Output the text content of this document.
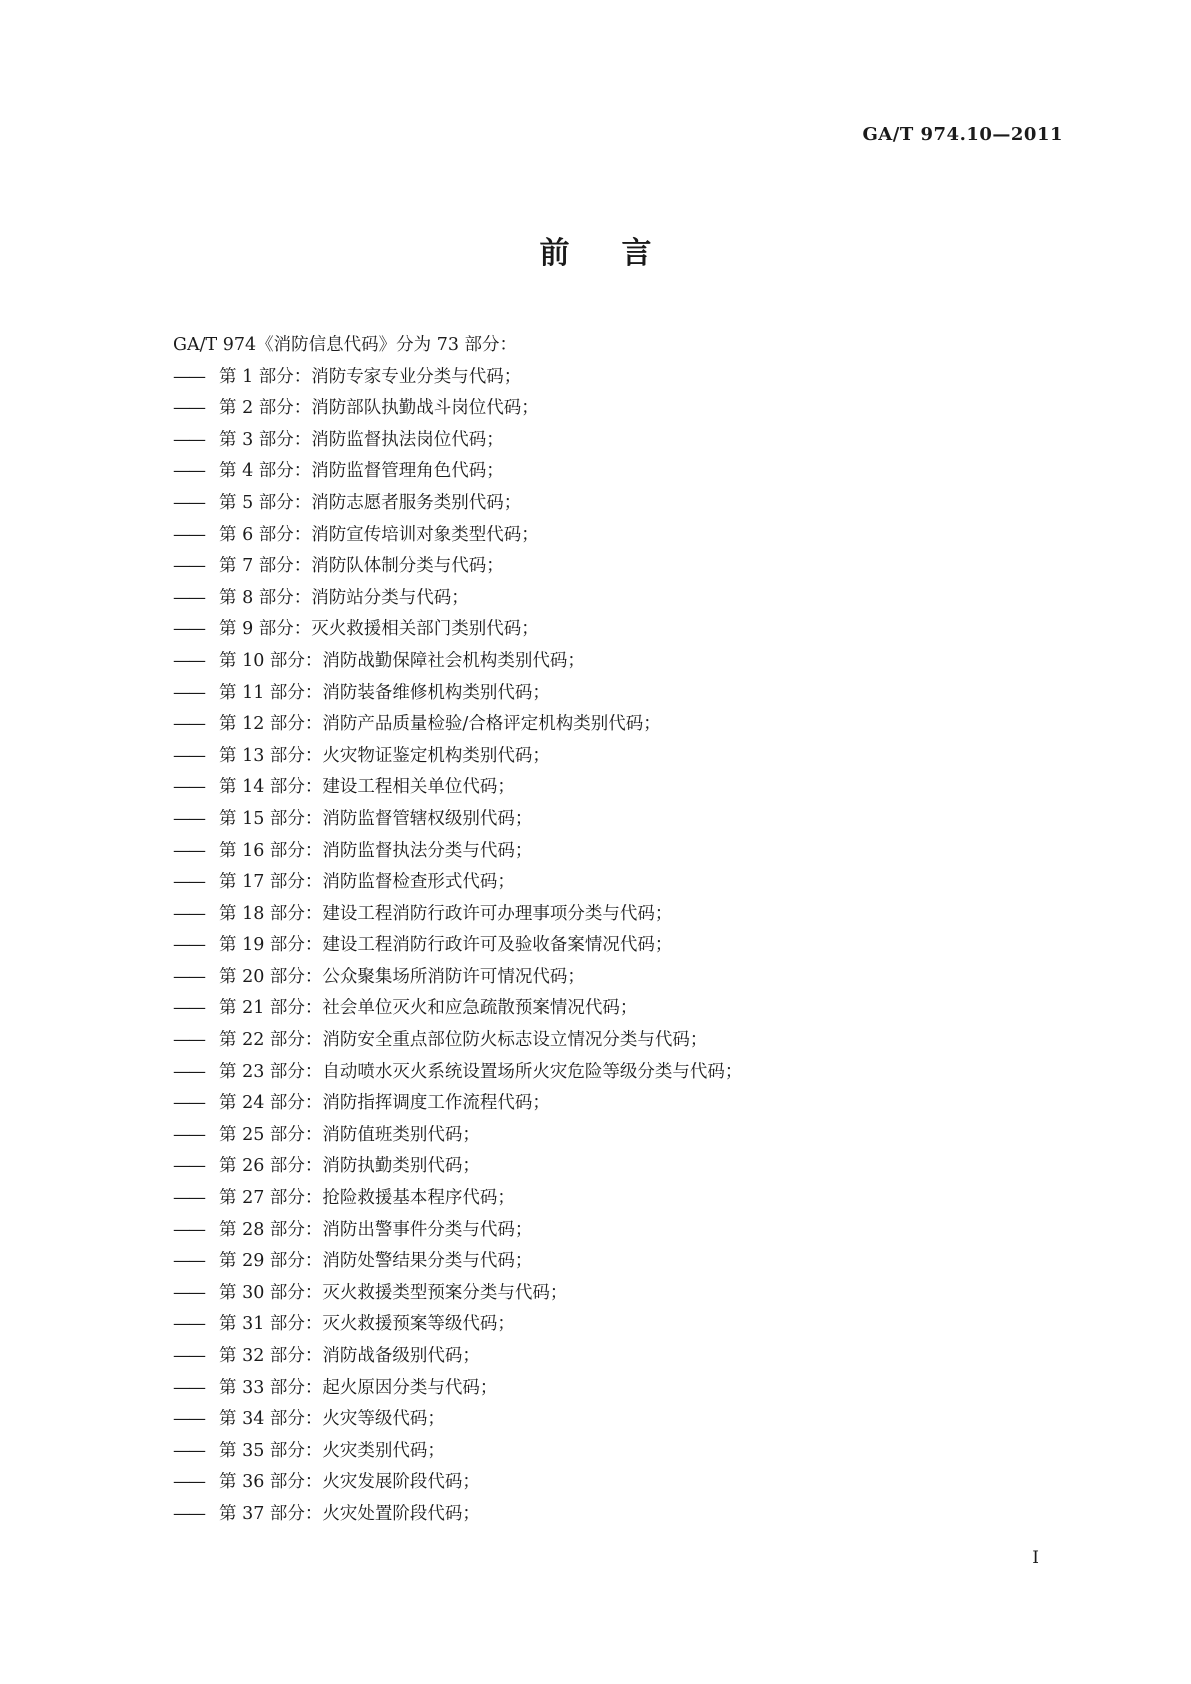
GA/T 974.10—2011
前言
GA/T 974《消防信息代码》分为 73 部分：
—— 第 1 部分：消防专家专业分类与代码；
—— 第 2 部分：消防部队执勤战斗岗位代码；
—— 第 3 部分：消防监督执法岗位代码；
—— 第 4 部分：消防监督管理角色代码；
—— 第 5 部分：消防志愿者服务类别代码；
—— 第 6 部分：消防宣传培训对象类型代码；
—— 第 7 部分：消防队体制分类与代码；
—— 第 8 部分：消防站分类与代码；
—— 第 9 部分：灭火救援相关部门类别代码；
—— 第 10 部分：消防战勤保障社会机构类别代码；
—— 第 11 部分：消防装备维修机构类别代码；
—— 第 12 部分：消防产品质量检验/合格评定机构类别代码；
—— 第 13 部分：火灾物证鉴定机构类别代码；
—— 第 14 部分：建设工程相关单位代码；
—— 第 15 部分：消防监督管辖权级别代码；
—— 第 16 部分：消防监督执法分类与代码；
—— 第 17 部分：消防监督检查形式代码；
—— 第 18 部分：建设工程消防行政许可办理事项分类与代码；
—— 第 19 部分：建设工程消防行政许可及验收备案情况代码；
—— 第 20 部分：公众聚集场所消防许可情况代码；
—— 第 21 部分：社会单位灭火和应急疏散预案情况代码；
—— 第 22 部分：消防安全重点部位防火标志设立情况分类与代码；
—— 第 23 部分：自动喷水灭火系统设置场所火灾危险等级分类与代码；
—— 第 24 部分：消防指挥调度工作流程代码；
—— 第 25 部分：消防值班类别代码；
—— 第 26 部分：消防执勤类别代码；
—— 第 27 部分：抢险救援基本程序代码；
—— 第 28 部分：消防出警事件分类与代码；
—— 第 29 部分：消防处警结果分类与代码；
—— 第 30 部分：灭火救援类型预案分类与代码；
—— 第 31 部分：灭火救援预案等级代码；
—— 第 32 部分：消防战备级别代码；
—— 第 33 部分：起火原因分类与代码；
—— 第 34 部分：火灾等级代码；
—— 第 35 部分：火灾类别代码；
—— 第 36 部分：火灾发展阶段代码；
—— 第 37 部分：火灾处置阶段代码；
I
